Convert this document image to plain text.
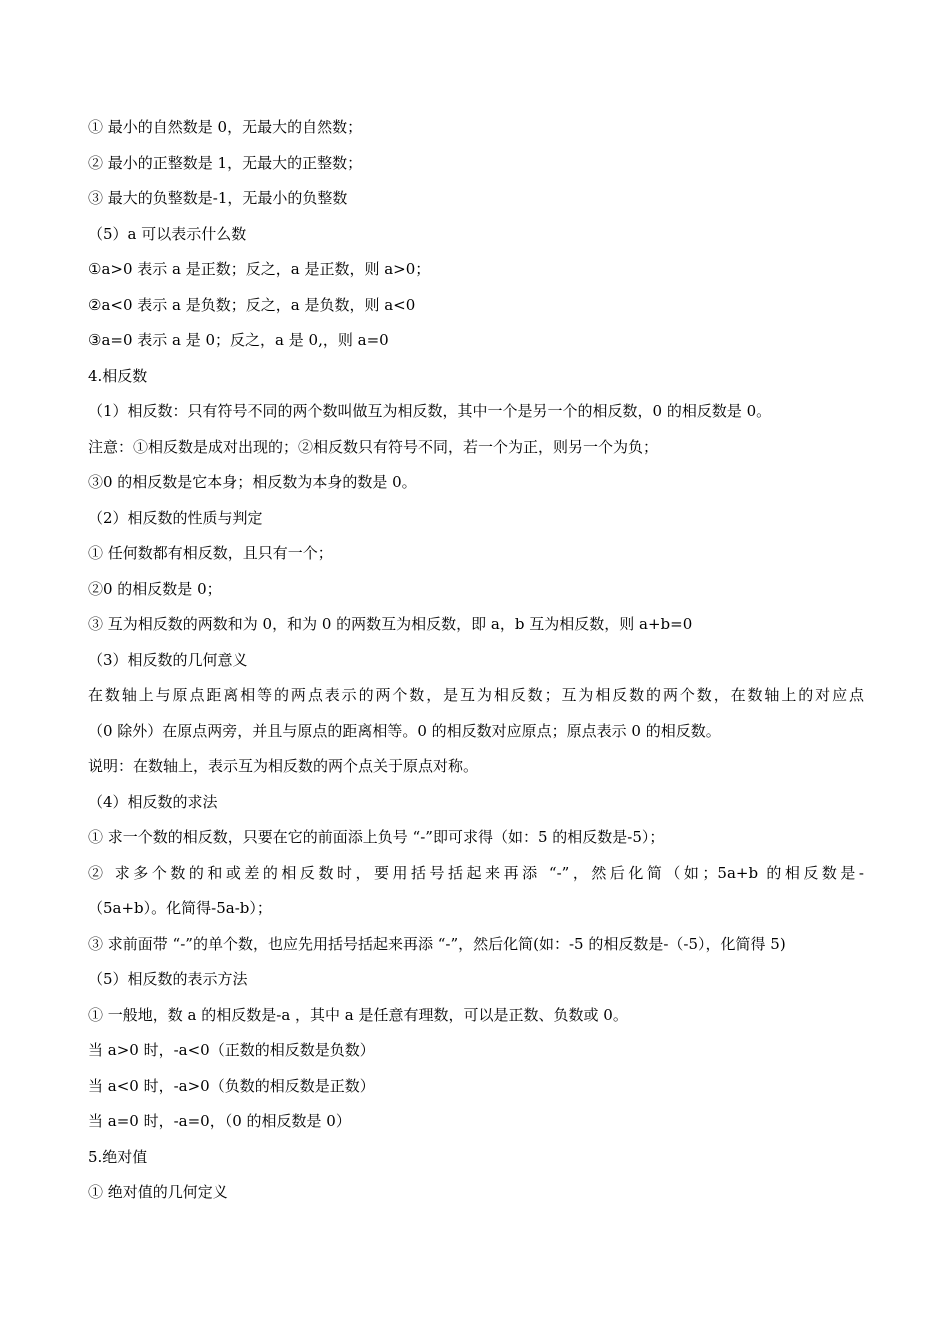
① 最小的自然数是 0，无最大的自然数；
② 最小的正整数是 1，无最大的正整数；
③ 最大的负整数是-1，无最小的负整数
（5）a 可以表示什么数
①a>0 表示 a 是正数；反之，a 是正数，则 a>0；
②a<0 表示 a 是负数；反之，a 是负数，则 a<0
③a=0 表示 a 是 0；反之，a 是 0,，则 a=0
4.相反数
（1）相反数：只有符号不同的两个数叫做互为相反数，其中一个是另一个的相反数，0 的相反数是 0。
注意：①相反数是成对出现的；②相反数只有符号不同，若一个为正，则另一个为负；
③0 的相反数是它本身；相反数为本身的数是 0。
（2）相反数的性质与判定
① 任何数都有相反数，且只有一个；
②0 的相反数是 0；
③ 互为相反数的两数和为 0，和为 0 的两数互为相反数，即 a，b 互为相反数，则 a+b=0
（3）相反数的几何意义
在数轴上与原点距离相等的两点表示的两个数，是互为相反数；互为相反数的两个数，在数轴上的对应点
（0 除外）在原点两旁，并且与原点的距离相等。0 的相反数对应原点；原点表示 0 的相反数。
说明：在数轴上，表示互为相反数的两个点关于原点对称。
（4）相反数的求法
① 求一个数的相反数，只要在它的前面添上负号 “-”即可求得（如：5 的相反数是-5）；
② 求多个数的和或差的相反数时，要用括号括起来再添 “-”，然后化简（如；5a+b 的相反数是-
（5a+b）。化简得-5a-b）；
③ 求前面带 “-”的单个数，也应先用括号括起来再添 “-”，然后化简(如：-5 的相反数是-（-5），化简得 5)
（5）相反数的表示方法
① 一般地，数 a 的相反数是-a ，其中 a 是任意有理数，可以是正数、负数或 0。
当 a>0 时，-a<0（正数的相反数是负数）
当 a<0 时，-a>0（负数的相反数是正数）
当 a=0 时，-a=0，（0 的相反数是 0）
5.绝对值
① 绝对值的几何定义
